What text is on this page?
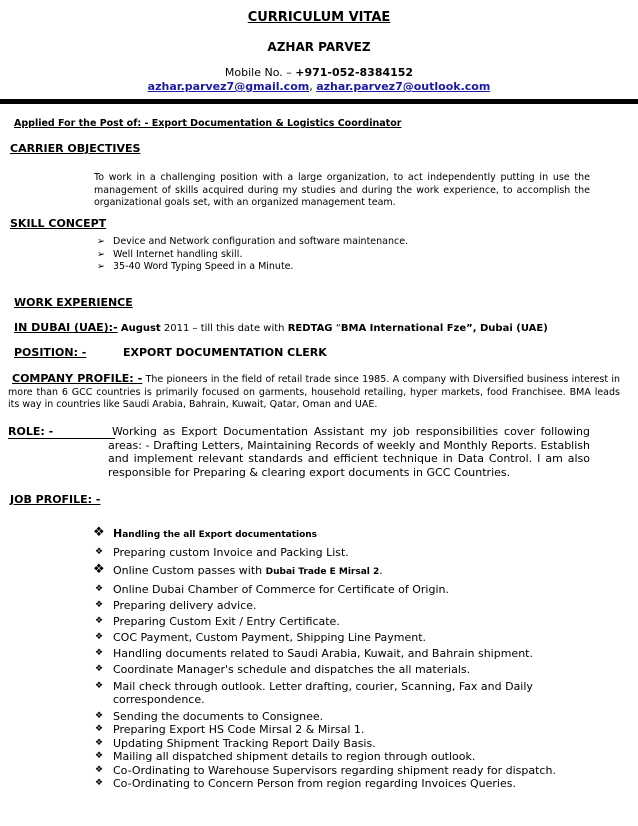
CURRICULUM VITAE
AZHAR PARVEZ
Mobile No. – +971-052-8384152
azhar.parvez7@gmail.com, azhar.parvez7@outlook.com
Applied For the Post of: - Export Documentation & Logistics Coordinator
CARRIER OBJECTIVES
To work in a challenging position with a large organization, to act independently putting in use the management of skills acquired during my studies and during the work experience, to accomplish the organizational goals set, with an organized management team.
SKILL CONCEPT
➢ Device and Network configuration and software maintenance.
➢ Well Internet handling skill.
➢ 35-40 Word Typing Speed in a Minute.
WORK EXPERIENCE
IN DUBAI (UAE):- August 2011 – till this date with REDTAG “BMA International Fze”, Dubai (UAE)
POSITION: -	EXPORT DOCUMENTATION CLERK
COMPANY PROFILE: - The pioneers in the field of retail trade since 1985. A company with Diversified business interest in more than 6 GCC countries is primarily focused on garments, household retailing, hyper markets, food Franchisee. BMA leads its way in countries like Saudi Arabia, Bahrain, Kuwait, Qatar, Oman and UAE.
ROLE: -	Working as Export Documentation Assistant my job responsibilities cover following areas: - Drafting Letters, Maintaining Records of weekly and Monthly Reports. Establish and implement relevant standards and efficient technique in Data Control. I am also responsible for Preparing & clearing export documents in GCC Countries.
JOB PROFILE: -
❖ Handling the all Export documentations
❖ Preparing custom Invoice and Packing List.
❖ Online Custom passes with Dubai Trade E Mirsal 2.
❖ Online Dubai Chamber of Commerce for Certificate of Origin.
❖ Preparing delivery advice.
❖ Preparing Custom Exit / Entry Certificate.
❖ COC Payment, Custom Payment, Shipping Line Payment.
❖ Handling documents related to Saudi Arabia, Kuwait, and Bahrain shipment.
❖ Coordinate Manager's schedule and dispatches the all materials.
❖ Mail check through outlook. Letter drafting, courier, Scanning, Fax and Daily correspondence.
❖ Sending the documents to Consignee.
❖ Preparing Export HS Code Mirsal 2 & Mirsal 1.
❖ Updating Shipment Tracking Report Daily Basis.
❖ Mailing all dispatched shipment details to region through outlook.
❖ Co-Ordinating to Warehouse Supervisors regarding shipment ready for dispatch.
❖ Co-Ordinating to Concern Person from region regarding Invoices Queries.
